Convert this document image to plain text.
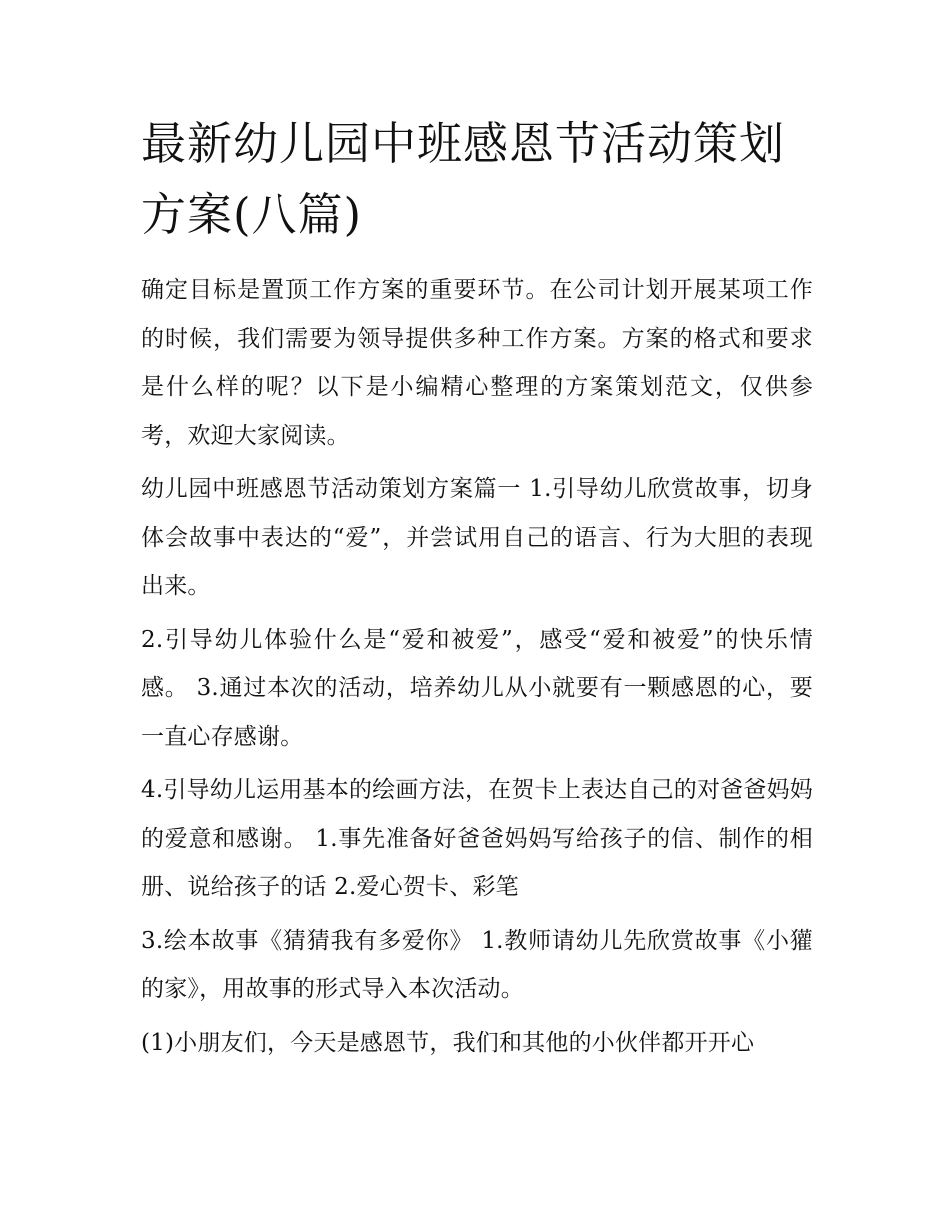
最新幼儿园中班感恩节活动策划方案(八篇)

确定目标是置顶工作方案的重要环节。在公司计划开展某项工作的时候，我们需要为领导提供多种工作方案。方案的格式和要求是什么样的呢？以下是小编精心整理的方案策划范文，仅供参考，欢迎大家阅读。

幼儿园中班感恩节活动策划方案篇一 1.引导幼儿欣赏故事，切身体会故事中表达的“爱”，并尝试用自己的语言、行为大胆的表现出来。

2.引导幼儿体验什么是“爱和被爱”，感受“爱和被爱”的快乐情感。 3.通过本次的活动，培养幼儿从小就要有一颗感恩的心，要一直心存感谢。

4.引导幼儿运用基本的绘画方法，在贺卡上表达自己的对爸爸妈妈的爱意和感谢。 1.事先准备好爸爸妈妈写给孩子的信、制作的相册、说给孩子的话 2.爱心贺卡、彩笔

3.绘本故事《猜猜我有多爱你》 1.教师请幼儿先欣赏故事《小獾的家》，用故事的形式导入本次活动。

(1)小朋友们，今天是感恩节，我们和其他的小伙伴都开开心
